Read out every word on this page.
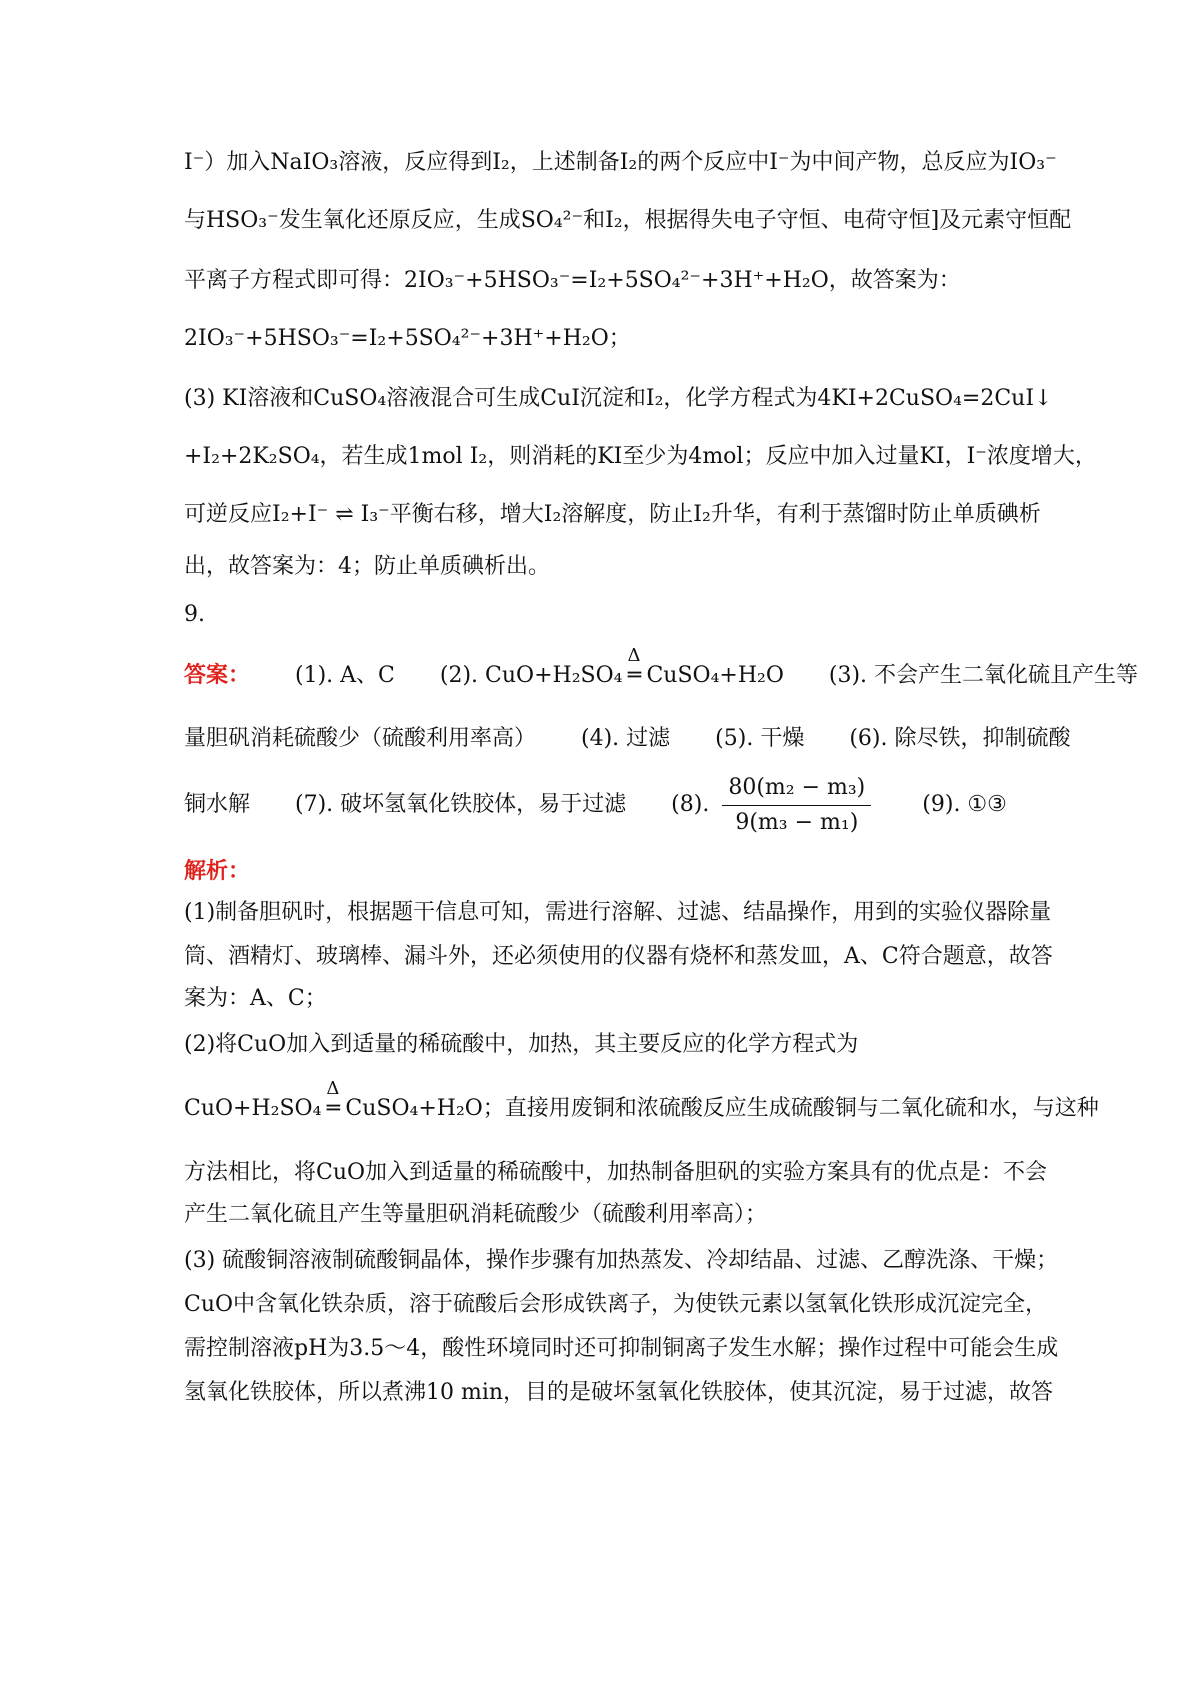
I⁻）加入NaIO₃溶液，反应得到I₂，上述制备I₂的两个反应中I⁻为中间产物，总反应为IO₃⁻
与HSO₃⁻发生氧化还原反应，生成SO₄²⁻和I₂，根据得失电子守恒、电荷守恒]及元素守恒配
平离子方程式即可得：2IO₃⁻+5HSO₃⁻=I₂+5SO₄²⁻+3H⁺+H₂O，故答案为：
2IO₃⁻+5HSO₃⁻=I₂+5SO₄²⁻+3H⁺+H₂O；
(3) KI溶液和CuSO₄溶液混合可生成CuI沉淀和I₂，化学方程式为4KI+2CuSO₄=2CuI↓
+I₂+2K₂SO₄，若生成1mol I₂，则消耗的KI至少为4mol；反应中加入过量KI，I⁻浓度增大，
可逆反应I₂+I⁻ ⇌ I₃⁻平衡右移，增大I₂溶解度，防止I₂升华，有利于蒸馏时防止单质碘析
出，故答案为：4；防止单质碘析出。
9.
答案： (1). A、C (2). CuO+H₂SO₄
Δ
═ CuSO₄+H₂O (3). 不会产生二氧化硫且产生等
量胆矾消耗硫酸少（硫酸利用率高） (4). 过滤 (5). 干燥 (6). 除尽铁，抑制硫酸
铜水解 (7). 破坏氢氧化铁胶体，易于过滤 (8). $\frac{\text{80(m₂ − m₃)}}{\text{9(m₃ − m₁)}} (9)$. ①③
解析：
(1)制备胆矾时，根据题干信息可知，需进行溶解、过滤、结晶操作，用到的实验仪器除量
筒、酒精灯、玻璃棒、漏斗外，还必须使用的仪器有烧杯和蒸发皿，A、C符合题意，故答
案为：A、C；
(2)将CuO加入到适量的稀硫酸中，加热，其主要反应的化学方程式为
CuO+H₂SO₄
Δ
═ CuSO₄+H₂O；直接用废铜和浓硫酸反应生成硫酸铜与二氧化硫和水，与这种
方法相比，将CuO加入到适量的稀硫酸中，加热制备胆矾的实验方案具有的优点是：不会
产生二氧化硫且产生等量胆矾消耗硫酸少（硫酸利用率高）；
(3) 硫酸铜溶液制硫酸铜晶体，操作步骤有加热蒸发、冷却结晶、过滤、乙醇洗涤、干燥；
CuO中含氧化铁杂质，溶于硫酸后会形成铁离子，为使铁元素以氢氧化铁形成沉淀完全，
需控制溶液pH为3.5～4，酸性环境同时还可抑制铜离子发生水解；操作过程中可能会生成
氢氧化铁胶体，所以煮沸10 min，目的是破坏氢氧化铁胶体，使其沉淀，易于过滤，故答
